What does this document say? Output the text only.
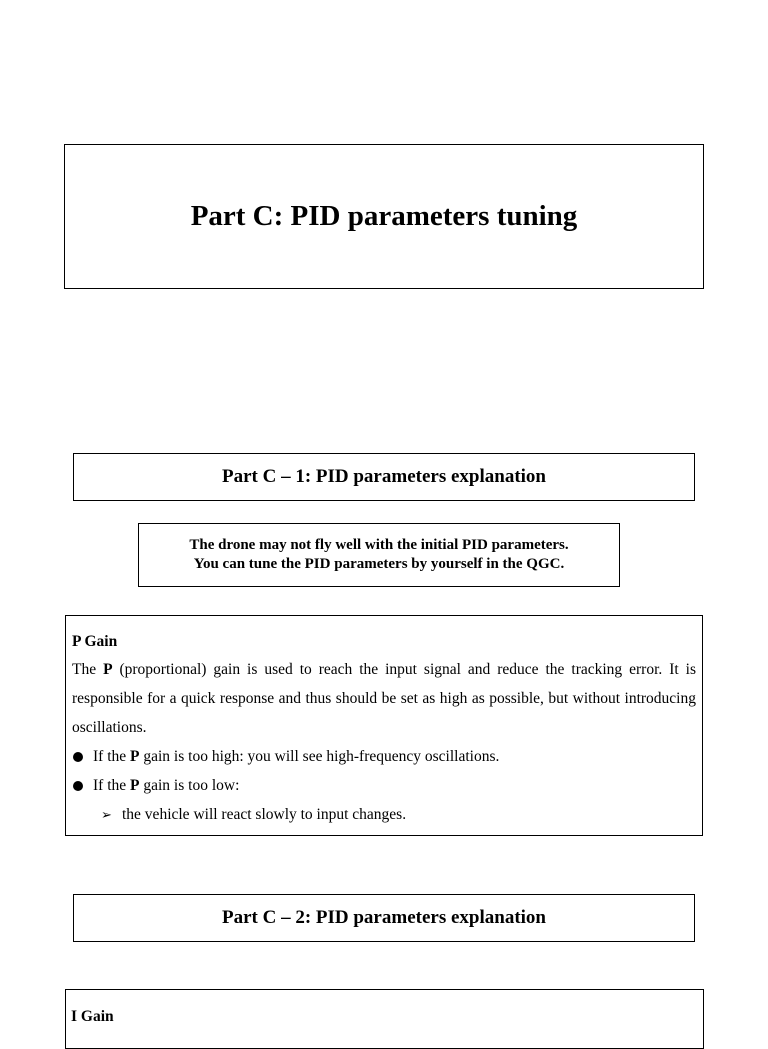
Part C: PID parameters tuning
Part C – 1: PID parameters explanation
The drone may not fly well with the initial PID parameters.
You can tune the PID parameters by yourself in the QGC.
P Gain

The P (proportional) gain is used to reach the input signal and reduce the tracking error. It is responsible for a quick response and thus should be set as high as possible, but without introducing oscillations.

If the P gain is too high: you will see high-frequency oscillations.
If the P gain is too low:
➢ the vehicle will react slowly to input changes.
Part C – 2: PID parameters explanation
I Gain
